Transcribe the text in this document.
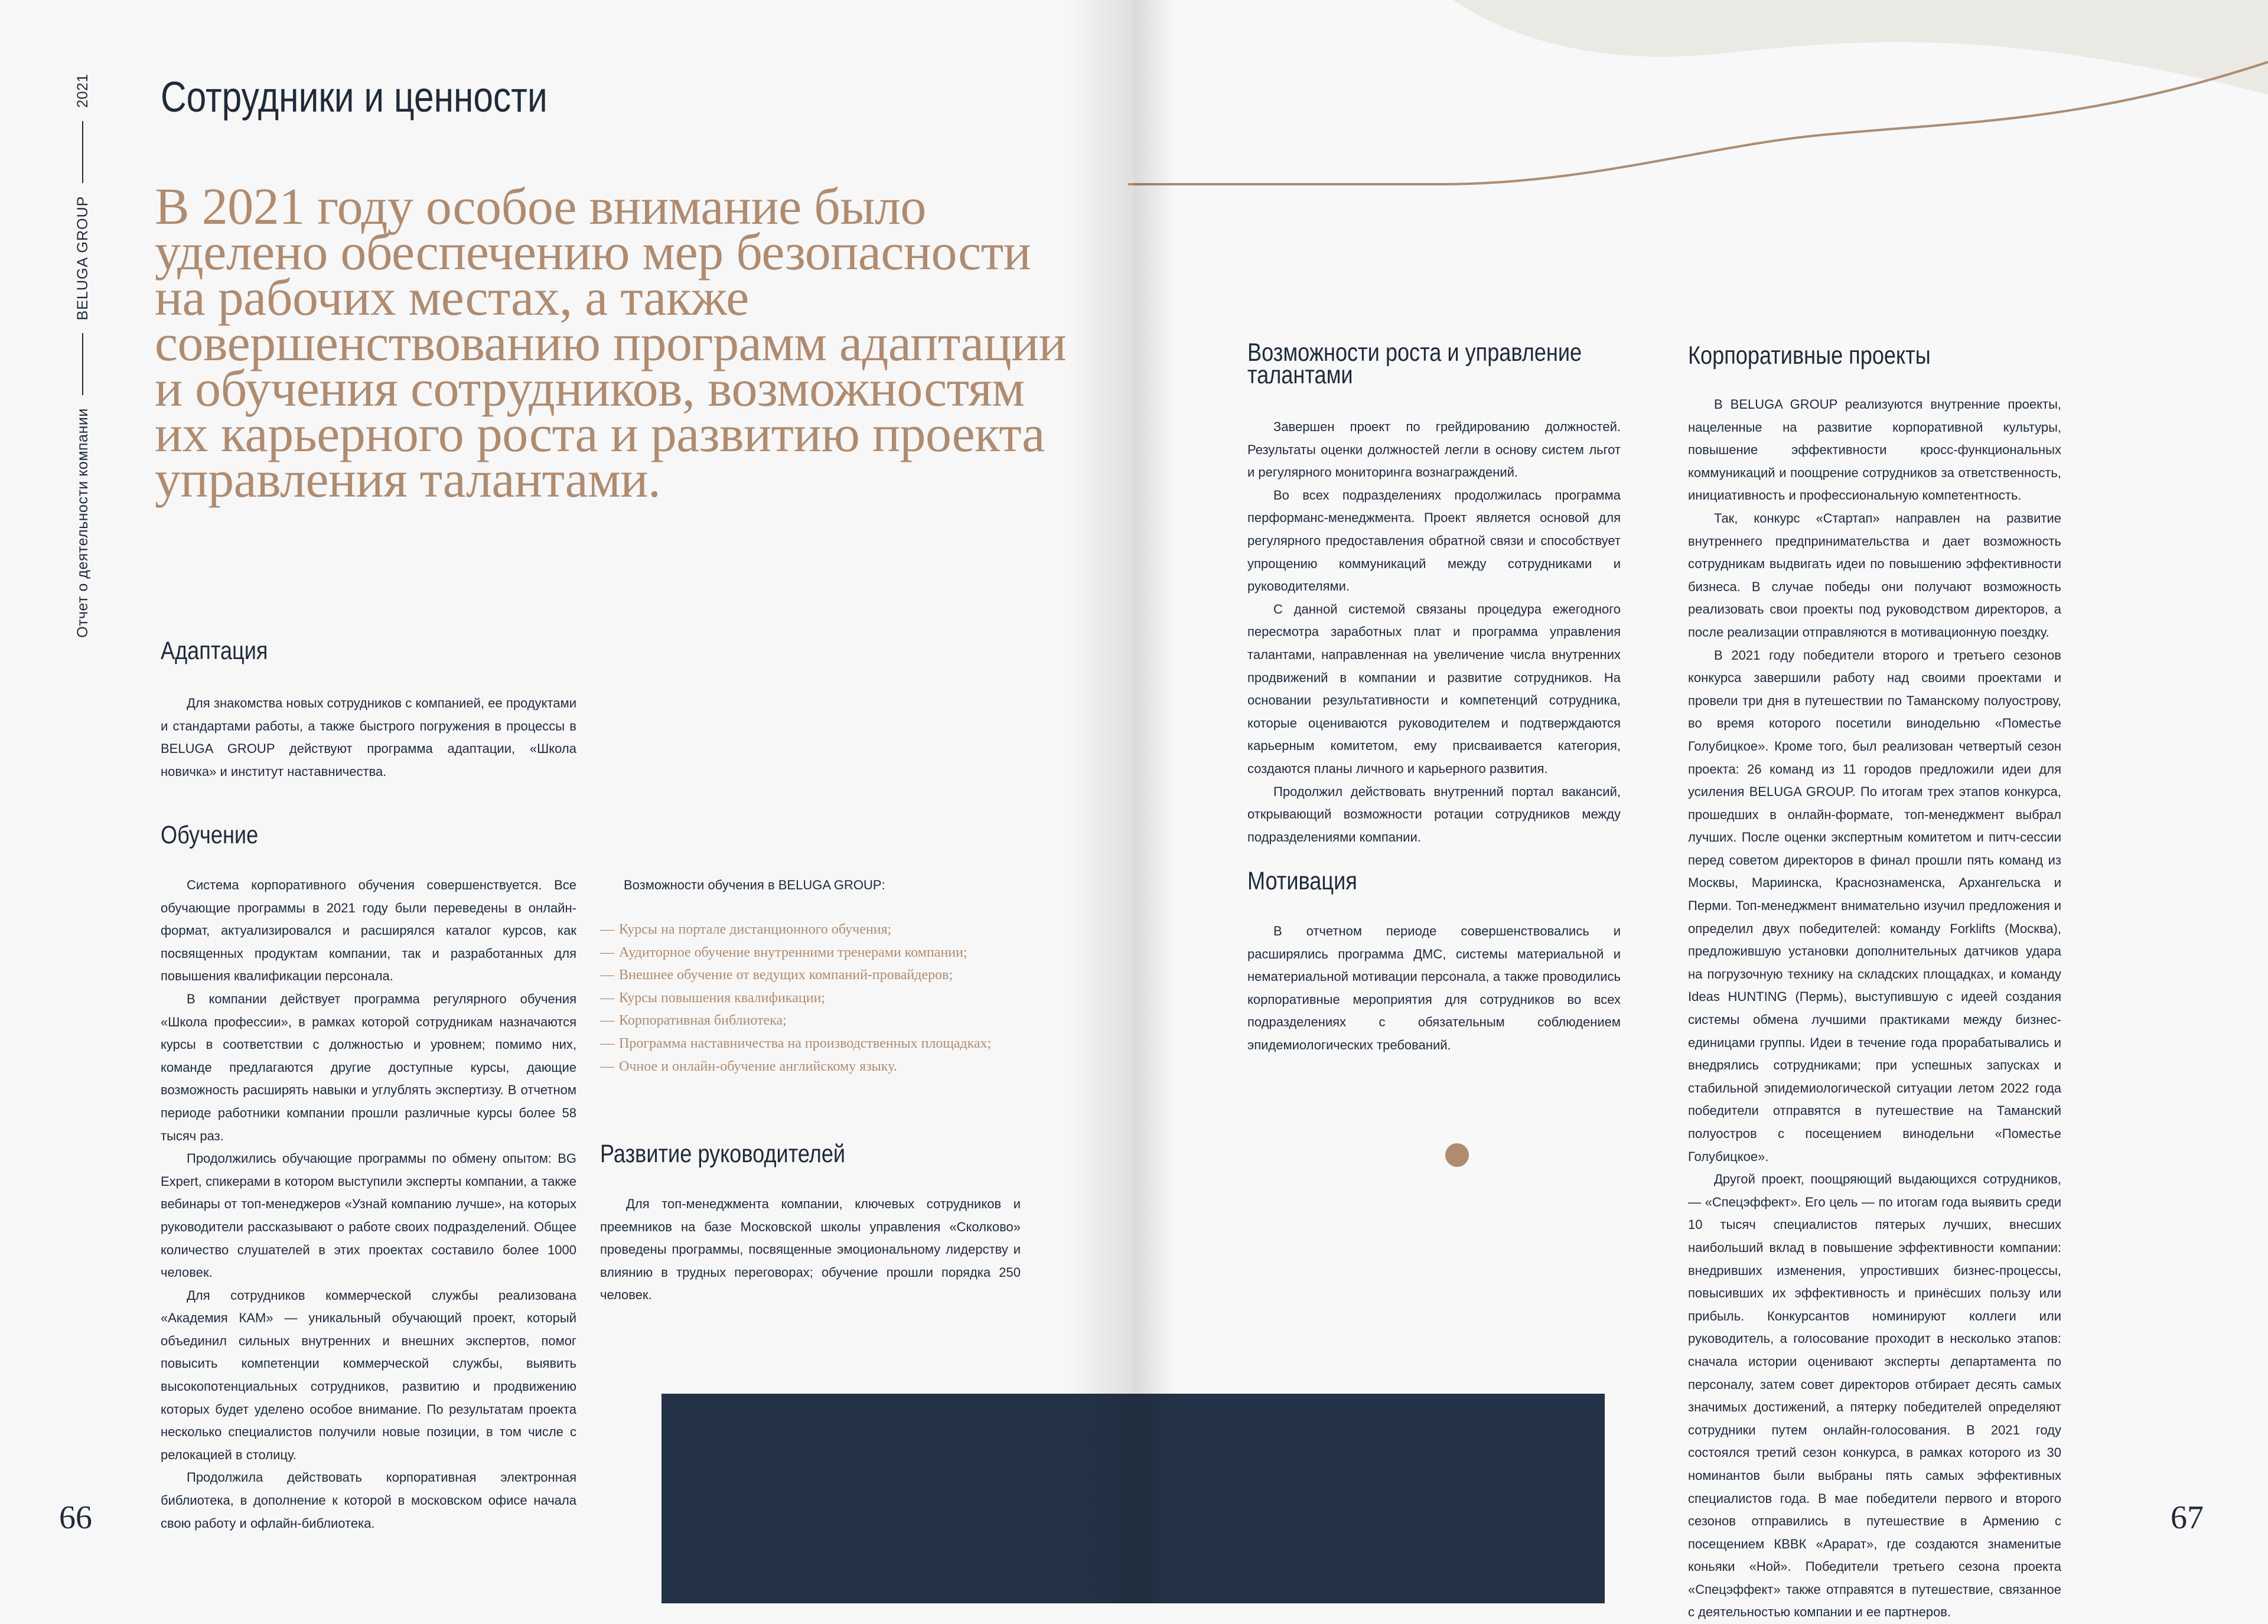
Отчет о деятельности компании
BELUGA GROUP
2021 Сотрудники и ценности
В 2021 году особое внимание было уделено обеспечению мер безопасности на рабочих местах, а также совершенствованию программ адаптации и обучения сотрудников, возможностям их карьерного роста и развитию проекта управления талантами.
Адаптация

Для знакомства новых сотрудников с компанией, ее продуктами и стандартами работы, а также быстрого погружения в процессы в BELUGA GROUP действуют программа адаптации, «Школа новичка» и институт наставничества.

Обучение

Система корпоративного обучения совершенствуется. Все обучающие программы в 2021 году были переведены в онлайн-формат, актуализировался и расширялся каталог курсов, как посвященных продуктам компании, так и разработанных для повышения квалификации персонала.

В компании действует программа регулярного обучения «Школа профессии», в рамках которой сотрудникам назначаются курсы в соответствии с должностью и уровнем; помимо них, команде предлагаются другие доступные курсы, дающие возможность расширять навыки и углублять экспертизу. В отчетном периоде работники компании прошли различные курсы более 58 тысяч раз.

Продолжились обучающие программы по обмену опытом: BG Expert, спикерами в котором выступили эксперты компании, а также вебинары от топ-менеджеров «Узнай компанию лучше», на которых руководители рассказывают о работе своих подразделений. Общее количество слушателей в этих проектах составило более 1000 человек.

Для сотрудников коммерческой службы реализована «Академия КАМ» — уникальный обучающий проект, который объединил сильных внутренних и внешних экспертов, помог повысить компетенции коммерческой службы, выявить высокопотенциальных сотрудников, развитию и продвижению которых будет уделено особое внимание. По результатам проекта несколько специалистов получили новые позиции, в том числе с релокацией в столицу.

Продолжила действовать корпоративная электронная библиотека, в дополнение к которой в московском офисе начала свою работу и офлайн-библиотека.

Возможности обучения в BELUGA GROUP:

— Курсы на портале дистанционного обучения;
— Аудиторное обучение внутренними тренерами компании;
— Внешнее обучение от ведущих компаний-провайдеров;
— Курсы повышения квалификации;
— Корпоративная библиотека;
— Программа наставничества на производственных площадках;
— Очное и онлайн-обучение английскому языку.
Развитие руководителей

Для топ-менеджмента компании, ключевых сотрудников и преемников на базе Московской школы управления «Сколково» проведены программы, посвященные эмоциональному лидерству и влиянию в трудных переговорах; обучение прошли порядка 250 человек.

66
Возможности роста и управление талантами

Завершен проект по грейдированию должностей. Результаты оценки должностей легли в основу систем льгот и регулярного мониторинга вознаграждений.

Во всех подразделениях продолжилась программа перформанс-менеджмента. Проект является основой для регулярного предоставления обратной связи и способствует упрощению коммуникаций между сотрудниками и руководителями.

С данной системой связаны процедура ежегодного пересмотра заработных плат и программа управления талантами, направленная на увеличение числа внутренних продвижений в компании и развитие сотрудников. На основании результативности и компетенций сотрудника, которые оцениваются руководителем и подтверждаются карьерным комитетом, ему присваивается категория, создаются планы личного и карьерного развития.

Продолжил действовать внутренний портал вакансий, открывающий возможности ротации сотрудников между подразделениями компании.

Мотивация

В отчетном периоде совершенствовались и расширялись программа ДМС, системы материальной и нематериальной мотивации персонала, а также проводились корпоративные мероприятия для сотрудников во всех подразделениях с обязательным соблюдением эпидемиологических требований.

Корпоративные проекты

В BELUGA GROUP реализуются внутренние проекты, нацеленные на развитие корпоративной культуры, повышение эффективности кросс-функциональных коммуникаций и поощрение сотрудников за ответственность, инициативность и профессиональную компетентность.

Так, конкурс «Стартап» направлен на развитие внутреннего предпринимательства и дает возможность сотрудникам выдвигать идеи по повышению эффективности бизнеса. В случае победы они получают возможность реализовать свои проекты под руководством директоров, а после реализации отправляются в мотивационную поездку.

В 2021 году победители второго и третьего сезонов конкурса завершили работу над своими проектами и провели три дня в путешествии по Таманскому полуострову, во время которого посетили винодельню «Поместье Голубицкое». Кроме того, был реализован четвертый сезон проекта: 26 команд из 11 городов предложили идеи для усиления BELUGA GROUP. По итогам трех этапов конкурса, прошедших в онлайн-формате, топ-менеджмент выбрал лучших. После оценки экспертным комитетом и питч-сессии перед советом директоров в финал прошли пять команд из Москвы, Мариинска, Краснознаменска, Архангельска и Перми. Топ-менеджмент внимательно изучил предложения и определил двух победителей: команду Forklifts (Москва), предложившую установки дополнительных датчиков удара на погрузочную технику на складских площадках, и команду Ideas HUNTING (Пермь), выступившую с идеей создания системы обмена лучшими практиками между бизнес-единицами группы. Идеи в течение года прорабатывались и внедрялись сотрудниками; при успешных запусках и стабильной эпидемиологической ситуации летом 2022 года победители отправятся в путешествие на Таманский полуостров с посещением винодельни «Поместье Голубицкое».

Другой проект, поощряющий выдающихся сотрудников, — «Спецэффект». Его цель — по итогам года выявить среди 10 тысяч специалистов пятерых лучших, внесших наибольший вклад в повышение эффективности компании: внедривших изменения, упростивших бизнес-процессы, повысивших их эффективность и принёсших пользу или прибыль. Конкурсантов номинируют коллеги или руководитель, а голосование проходит в несколько этапов: сначала истории оценивают эксперты департамента по персоналу, затем совет директоров отбирает десять самых значимых достижений, а пятерку победителей определяют сотрудники путем онлайн-голосования. В 2021 году состоялся третий сезон конкурса, в рамках которого из 30 номинантов были выбраны пять самых эффективных специалистов года. В мае победители первого и второго сезонов отправились в путешествие в Армению с посещением КВВК «Арарат», где создаются знаменитые коньяки «Ной». Победители третьего сезона проекта «Спецэффект» также отправятся в путешествие, связанное с деятельностью компании и ее партнеров.

67
